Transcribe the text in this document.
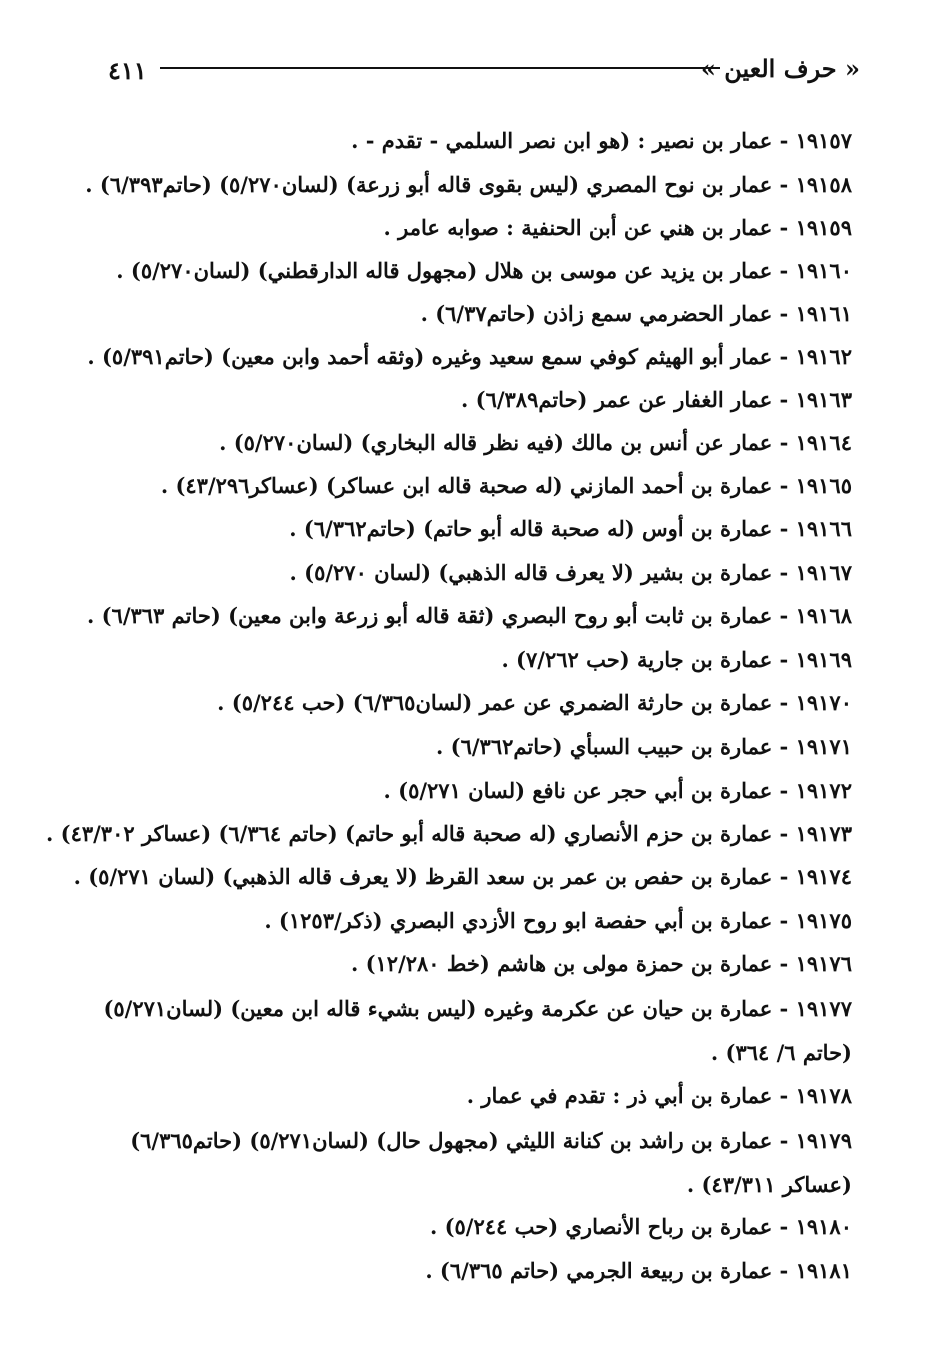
٤١١	« حرف العين »
١٩١٥٧ - عمار بن نصير : (هو ابن نصر السلمي - تقدم - .
١٩١٥٨ - عمار بن نوح المصري (ليس بقوى قاله أبو زرعة) (لسان٥/٢٧٠) (حاتم٦/٣٩٣) .
١٩١٥٩ - عمار بن هني عن أبن الحنفية : صوابه عامر .
١٩١٦٠ - عمار بن يزيد عن موسى بن هلال (مجهول قاله الدارقطني) (لسان٥/٢٧٠) .
١٩١٦١ - عمار الحضرمي سمع زاذن (حاتم٦/٣٧) .
١٩١٦٢ - عمار أبو الهيثم كوفي سمع سعيد وغيره (وثقه أحمد وابن معين) (حاتم٥/٣٩١) .
١٩١٦٣ - عمار الغفار عن عمر (حاتم٦/٣٨٩) .
١٩١٦٤ - عمار عن أنس بن مالك (فيه نظر قاله البخاري) (لسان٥/٢٧٠) .
١٩١٦٥ - عمارة بن أحمد المازني (له صحبة قاله ابن عساكر) (عساكر٤٣/٢٩٦) .
١٩١٦٦ - عمارة بن أوس (له صحبة قاله أبو حاتم) (حاتم٦/٣٦٢) .
١٩١٦٧ - عمارة بن بشير (لا يعرف قاله الذهبي) (لسان ٥/٢٧٠) .
١٩١٦٨ - عمارة بن ثابت أبو روح البصري (ثقة قاله أبو زرعة وابن معين) (حاتم ٦/٣٦٣) .
١٩١٦٩ - عمارة بن جارية (حب ٧/٢٦٢) .
١٩١٧٠ - عمارة بن حارثة الضمري عن عمر (لسان٦/٣٦٥) (حب ٥/٢٤٤) .
١٩١٧١ - عمارة بن حبيب السبأي (حاتم٦/٣٦٢) .
١٩١٧٢ - عمارة بن أبي حجر عن نافع (لسان ٥/٢٧١) .
١٩١٧٣ - عمارة بن حزم الأنصاري (له صحبة قاله أبو حاتم) (حاتم ٦/٣٦٤) (عساكر ٤٣/٣٠٢) .
١٩١٧٤ - عمارة بن حفص بن عمر بن سعد القرظ (لا يعرف قاله الذهبي) (لسان ٥/٢٧١) .
١٩١٧٥ - عمارة بن أبي حفصة ابو روح الأزدي البصري (ذكر/١٢٥٣) .
١٩١٧٦ - عمارة بن حمزة مولى بن هاشم (خط ١٢/٢٨٠) .
١٩١٧٧ - عمارة بن حيان عن عكرمة وغيره (ليس بشيء قاله ابن معين) (لسان٥/٢٧١) (حاتم ٦/ ٣٦٤) .
١٩١٧٨ - عمارة بن أبي ذر : تقدم في عمار .
١٩١٧٩ - عمارة بن راشد بن كنانة الليثي (مجهول حال) (لسان٥/٢٧١) (حاتم٦/٣٦٥) (عساكر ٤٣/٣١١) .
١٩١٨٠ - عمارة بن رباح الأنصاري (حب ٥/٢٤٤) .
١٩١٨١ - عمارة بن ربيعة الجرمي (حاتم ٦/٣٦٥) .
